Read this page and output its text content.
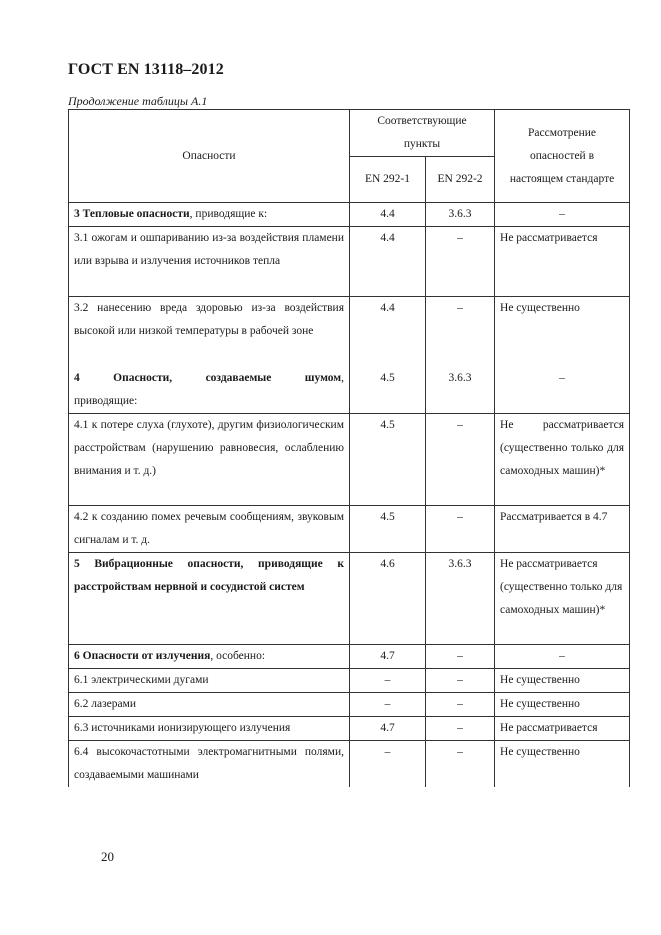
ГОСТ EN 13118–2012
Продолжение таблицы А.1
Опасности	Соответствующие пункты		Рассмотрение опасностей в настоящем стандарте
	EN 292-1	EN 292-2	
3 Тепловые опасности, приводящие к:	4.4	3.6.3	–
3.1 ожогам и ошпариванию из-за воздействия пламени или взрыва и излучения источников тепла	4.4	–	Не рассматривается
3.2 нанесению вреда здоровью из-за воздействия высокой или низкой температуры в рабочей зоне	4.4	–	Не существенно
4 Опасности, создаваемые шумом, приводящие:	4.5	3.6.3	–
4.1 к потере слуха (глухоте), другим физиологическим расстройствам (нарушению равновесия, ослаблению внимания и т. д.)	4.5	–	Не рассматривается (существенно только для самоходных машин)*
4.2 к созданию помех речевым сообщениям, звуковым сигналам и т. д.	4.5	–	Рассматривается в 4.7
5 Вибрационные опасности, приводящие к расстройствам нервной и сосудистой систем	4.6	3.6.3	Не рассматривается (существенно только для самоходных машин)*
6 Опасности от излучения, особенно:	4.7	–	–
6.1 электрическими дугами	–	–	Не существенно
6.2 лазерами	–	–	Не существенно
6.3 источниками ионизирующего излучения	4.7	–	Не рассматривается
6.4 высокочастотными электромагнитными полями, создаваемыми машинами	–	–	Не существенно
20
